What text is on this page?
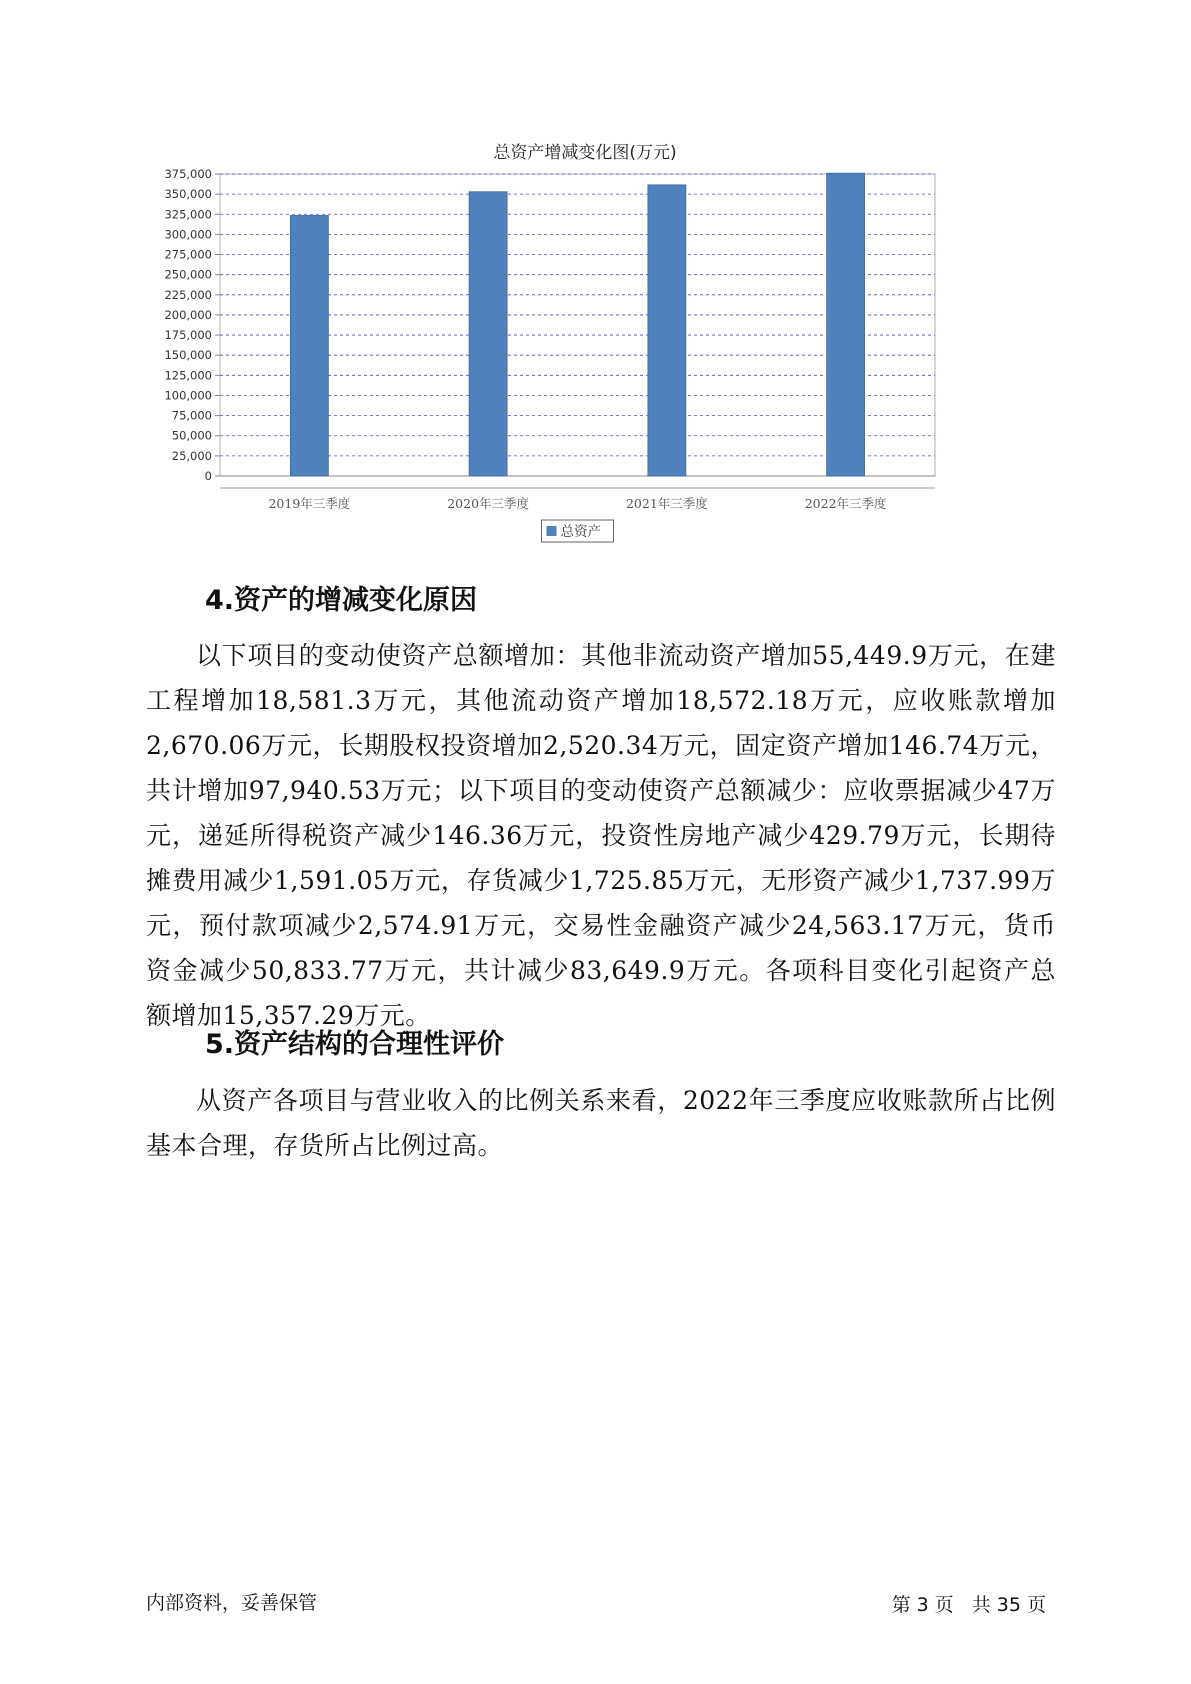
总资产增减变化图(万元)
0
25,000
50,000
75,000
100,000
125,000
150,000
175,000
200,000
225,000
250,000
275,000
300,000
325,000
350,000
375,000
2019年三季度	2020年三季度	2021年三季度	2022年三季度
总资产
4.资产的增减变化原因

以下项目的变动使资产总额增加：其他非流动资产增加55,449.9万元，在建工程增加18,581.3万元，其他流动资产增加18,572.18万元，应收账款增加2,670.06万元，长期股权投资增加2,520.34万元，固定资产增加146.74万元，共计增加97,940.53万元；以下项目的变动使资产总额减少：应收票据减少47万元，递延所得税资产减少146.36万元，投资性房地产减少429.79万元，长期待摊费用减少1,591.05万元，存货减少1,725.85万元，无形资产减少1,737.99万元，预付款项减少2,574.91万元，交易性金融资产减少24,563.17万元，货币资金减少50,833.77万元，共计减少83,649.9万元。各项科目变化引起资产总额增加15,357.29万元。

5.资产结构的合理性评价

从资产各项目与营业收入的比例关系来看，2022年三季度应收账款所占比例基本合理，存货所占比例过高。

内部资料，妥善保管	第 3 页 共 35 页
